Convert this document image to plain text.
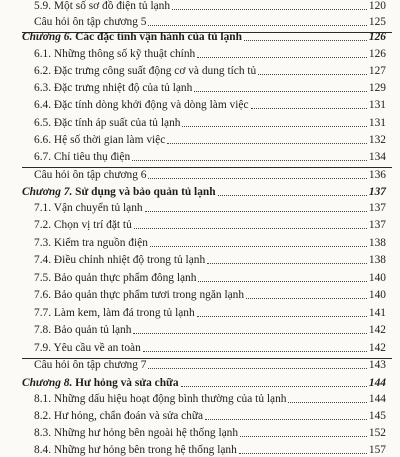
5.9. Một số sơ đồ điện tủ lạnh	120
Câu hỏi ôn tập chương 5	125
Chương 6. Các đặc tính vận hành của tủ lạnh	126
6.1. Những thông số kỹ thuật chính	126
6.2. Đặc trưng công suất động cơ và dung tích tủ	127
6.3. Đặc trưng nhiệt độ của tủ lạnh	129
6.4. Đặc tính dòng khởi động và dòng làm việc	131
6.5. Đặc tính áp suất của tủ lạnh	131
6.6. Hệ số thời gian làm việc	132
6.7. Chỉ tiêu thụ điện	134
Câu hỏi ôn tập chương 6	136
Chương 7. Sử dụng và bảo quản tủ lạnh	137
7.1. Vận chuyển tủ lạnh	137
7.2. Chọn vị trí đặt tủ	137
7.3. Kiểm tra nguồn điện	138
7.4. Điều chỉnh nhiệt độ trong tủ lạnh	138
7.5. Bảo quản thực phẩm đông lạnh	140
7.6. Bảo quản thực phẩm tươi trong ngăn lạnh	140
7.7. Làm kem, làm đá trong tủ lạnh	141
7.8. Bảo quản tủ lạnh	142
7.9. Yêu cầu về an toàn	142
Câu hỏi ôn tập chương 7	143
Chương 8. Hư hỏng và sửa chữa	144
8.1. Những dấu hiệu hoạt động bình thường của tủ lạnh	144
8.2. Hư hỏng, chẩn đoán và sửa chữa	145
8.3. Những hư hỏng bên ngoài hệ thống lạnh	152
8.4. Những hư hỏng bên trong hệ thống lạnh	157
